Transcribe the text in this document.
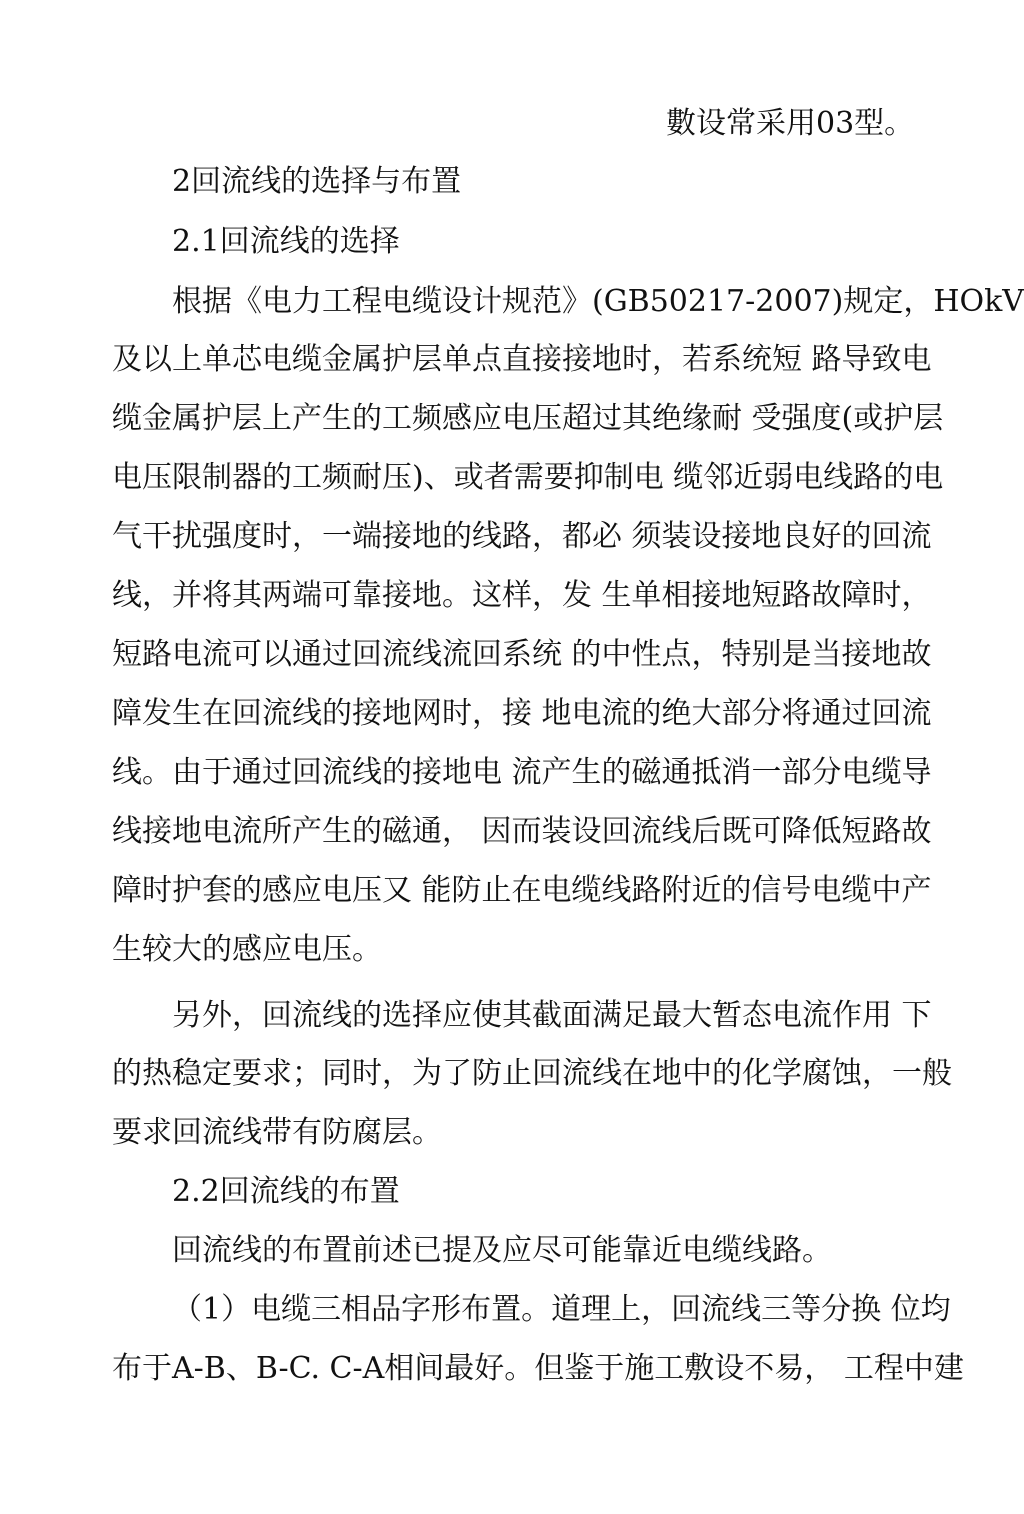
數设常采用03型。
2回流线的选择与布置
2.1回流线的选择
根据《电力工程电缆设计规范》(GB50217-2007)规定，HOkV
及以上单芯电缆金属护层单点直接接地时，若系统短 路导致电
缆金属护层上产生的工频感应电压超过其绝缘耐 受强度(或护层
电压限制器的工频耐压)、或者需要抑制电 缆邻近弱电线路的电
气干扰强度时，一端接地的线路，都必 须装设接地良好的回流
线，并将其两端可靠接地。这样，发 生单相接地短路故障时，
短路电流可以通过回流线流回系统 的中性点，特别是当接地故
障发生在回流线的接地网时，接 地电流的绝大部分将通过回流
线。由于通过回流线的接地电 流产生的磁通抵消一部分电缆导
线接地电流所产生的磁通， 因而装设回流线后既可降低短路故
障时护套的感应电压又 能防止在电缆线路附近的信号电缆中产
生较大的感应电压。
另外，回流线的选择应使其截面满足最大暂态电流作用 下
的热稳定要求；同时，为了防止回流线在地中的化学腐蚀，一般
要求回流线带有防腐层。
2.2回流线的布置
回流线的布置前述已提及应尽可能靠近电缆线路。
（1）电缆三相品字形布置。道理上，回流线三等分换 位均
布于A-B、B-C. C-A相间最好。但鉴于施工敷设不易， 工程中建
